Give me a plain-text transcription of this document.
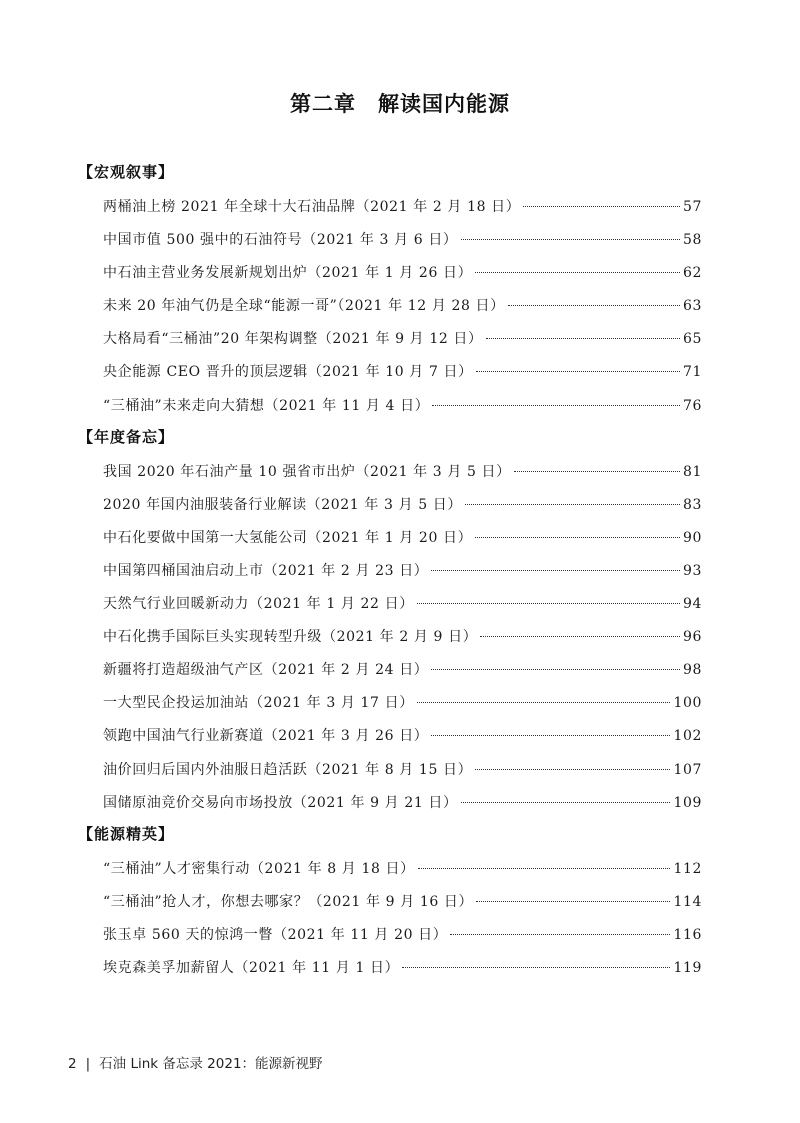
第二章　解读国内能源
【宏观叙事】
两桶油上榜 2021 年全球十大石油品牌（2021 年 2 月 18 日）	57
中国市值 500 强中的石油符号（2021 年 3 月 6 日）	58
中石油主营业务发展新规划出炉（2021 年 1 月 26 日）	62
未来 20 年油气仍是全球“能源一哥”（2021 年 12 月 28 日）	63
大格局看“三桶油”20 年架构调整（2021 年 9 月 12 日）	65
央企能源 CEO 晋升的顶层逻辑（2021 年 10 月 7 日）	71
“三桶油”未来走向大猜想（2021 年 11 月 4 日）	76
【年度备忘】
我国 2020 年石油产量 10 强省市出炉（2021 年 3 月 5 日）	81
2020 年国内油服装备行业解读（2021 年 3 月 5 日）	83
中石化要做中国第一大氢能公司（2021 年 1 月 20 日）	90
中国第四桶国油启动上市（2021 年 2 月 23 日）	93
天然气行业回暖新动力（2021 年 1 月 22 日）	94
中石化携手国际巨头实现转型升级（2021 年 2 月 9 日）	96
新疆将打造超级油气产区（2021 年 2 月 24 日）	98
一大型民企投运加油站（2021 年 3 月 17 日）	100
领跑中国油气行业新赛道（2021 年 3 月 26 日）	102
油价回归后国内外油服日趋活跃（2021 年 8 月 15 日）	107
国储原油竞价交易向市场投放（2021 年 9 月 21 日）	109
【能源精英】
“三桶油”人才密集行动（2021 年 8 月 18 日）	112
“三桶油”抢人才，你想去哪家？（2021 年 9 月 16 日）	114
张玉卓 560 天的惊鸿一瞥（2021 年 11 月 20 日）	116
埃克森美孚加薪留人（2021 年 11 月 1 日）	119
2 | 石油 Link 备忘录 2021：能源新视野
